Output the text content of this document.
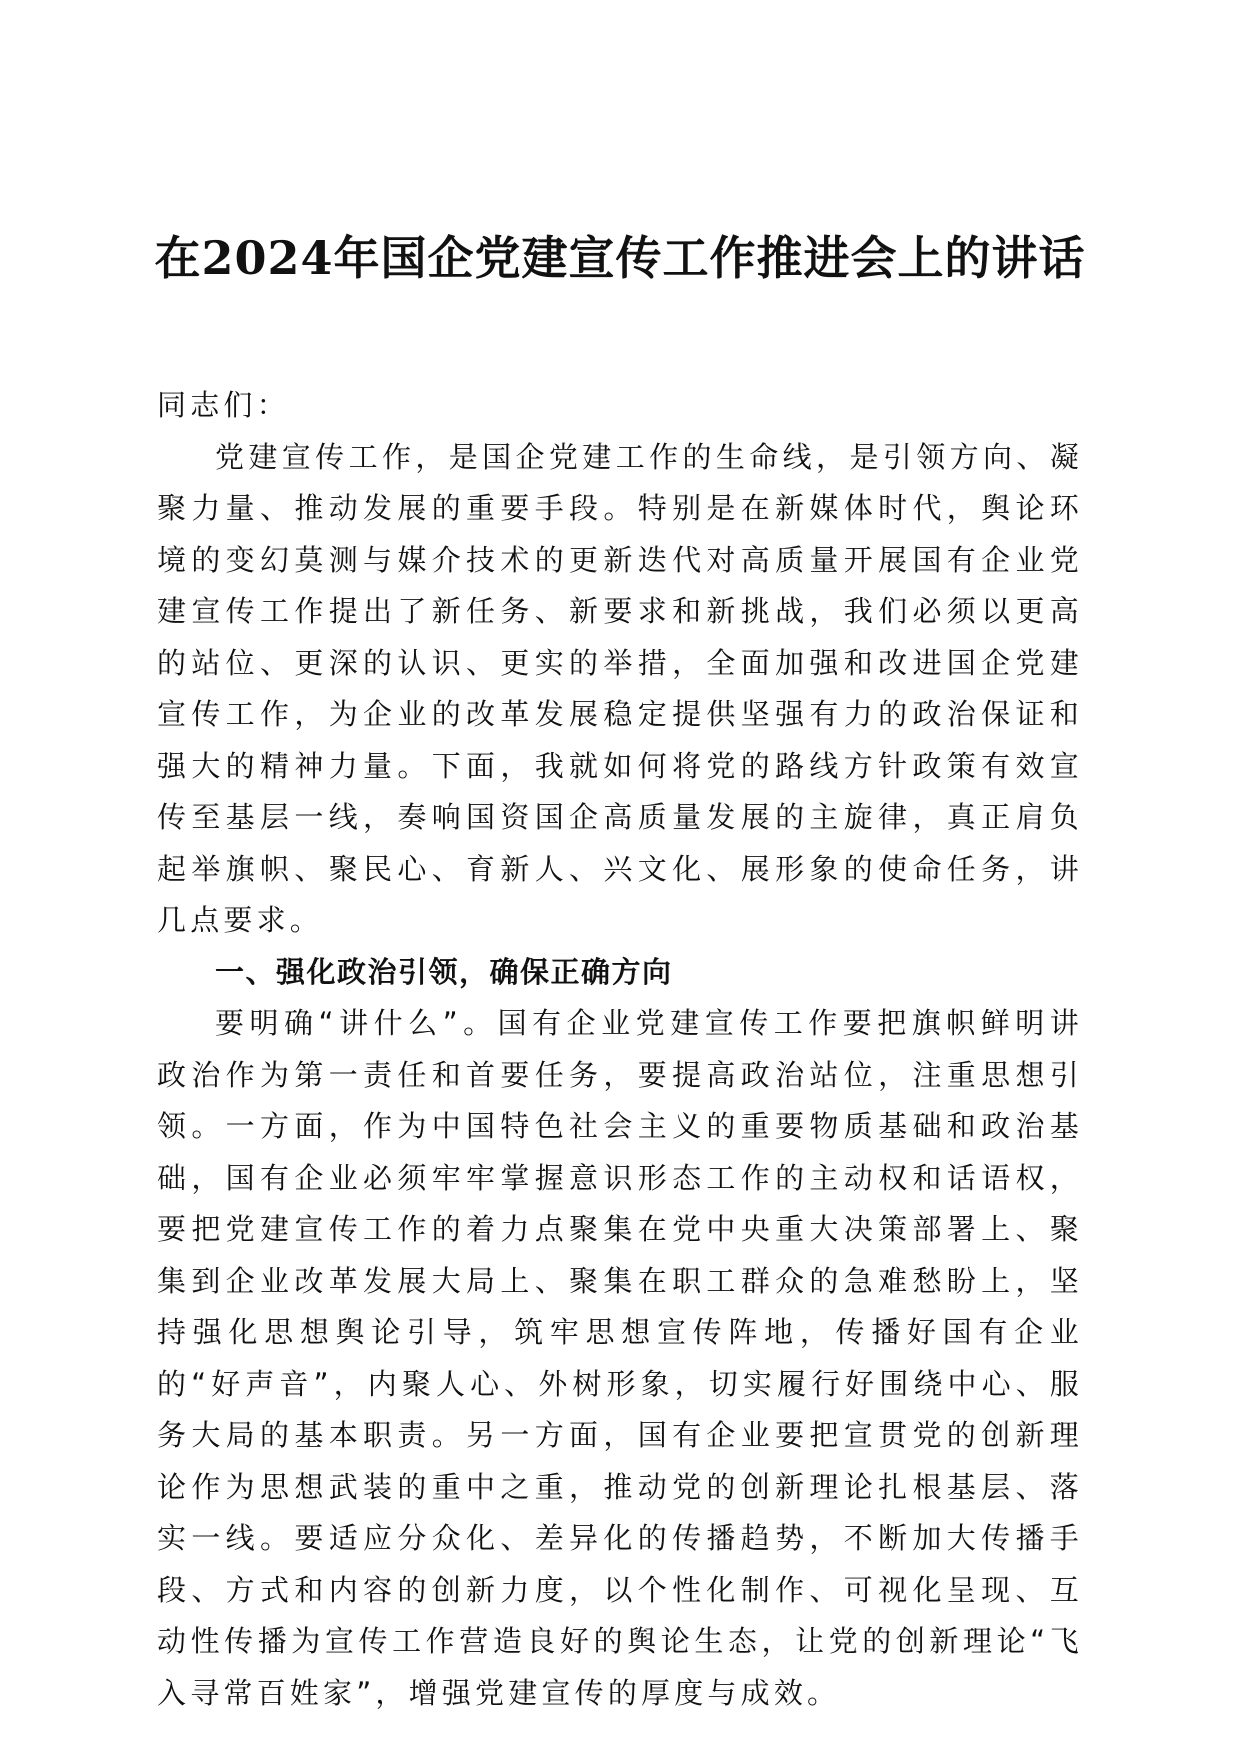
在2024年国企党建宣传工作推进会上的讲话

同志们：

党建宣传工作，是国企党建工作的生命线，是引领方向、凝聚力量、推动发展的重要手段。特别是在新媒体时代，舆论环境的变幻莫测与媒介技术的更新迭代对高质量开展国有企业党建宣传工作提出了新任务、新要求和新挑战，我们必须以更高的站位、更深的认识、更实的举措，全面加强和改进国企党建宣传工作，为企业的改革发展稳定提供坚强有力的政治保证和强大的精神力量。下面，我就如何将党的路线方针政策有效宣传至基层一线，奏响国资国企高质量发展的主旋律，真正肩负起举旗帜、聚民心、育新人、兴文化、展形象的使命任务，讲几点要求。

一、强化政治引领，确保正确方向

要明确“讲什么”。国有企业党建宣传工作要把旗帜鲜明讲政治作为第一责任和首要任务，要提高政治站位，注重思想引领。一方面，作为中国特色社会主义的重要物质基础和政治基础，国有企业必须牢牢掌握意识形态工作的主动权和话语权，要把党建宣传工作的着力点聚集在党中央重大决策部署上、聚集到企业改革发展大局上、聚集在职工群众的急难愁盼上，坚持强化思想舆论引导，筑牢思想宣传阵地，传播好国有企业的“好声音”，内聚人心、外树形象，切实履行好围绕中心、服务大局的基本职责。另一方面，国有企业要把宣贯党的创新理论作为思想武装的重中之重，推动党的创新理论扎根基层、落实一线。要适应分众化、差异化的传播趋势，不断加大传播手段、方式和内容的创新力度，以个性化制作、可视化呈现、互动性传播为宣传工作营造良好的舆论生态，让党的创新理论“飞入寻常百姓家”，增强党建宣传的厚度与成效。
